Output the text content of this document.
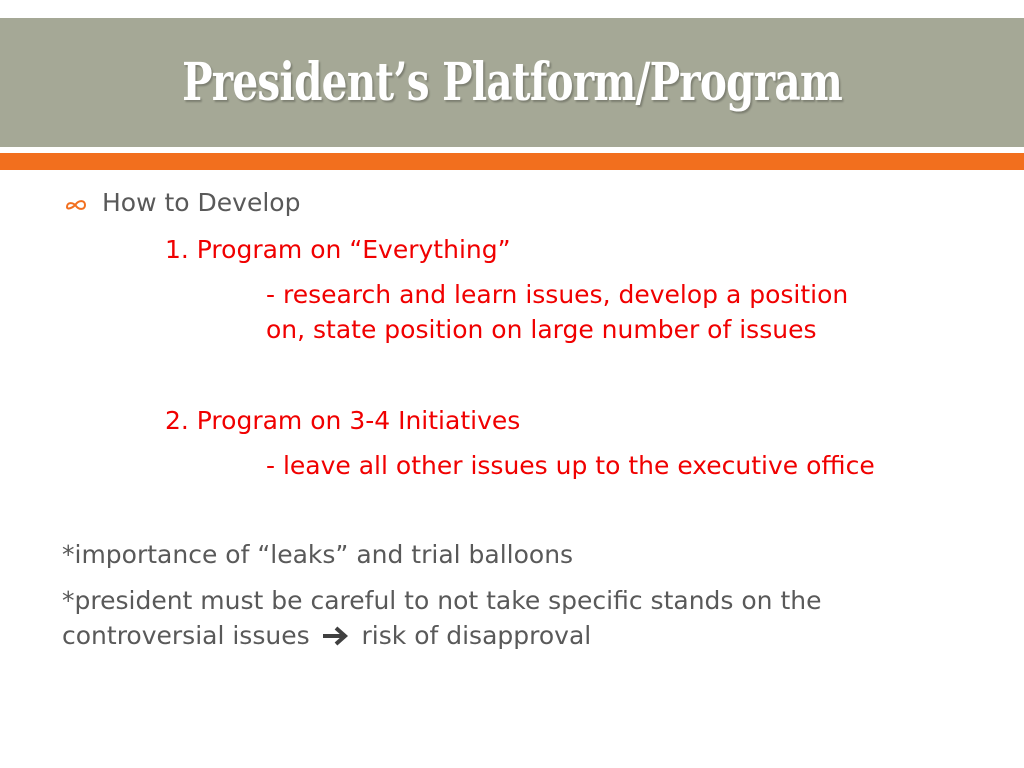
President’s Platform/Program
How to Develop
1. Program on “Everything”
- research and learn issues, develop a position
on, state position on large number of issues
2. Program on 3-4 Initiatives
- leave all other issues up to the executive office
*importance of “leaks” and trial balloons
*president must be careful to not take specific stands on the
controversial issues risk of disapproval
